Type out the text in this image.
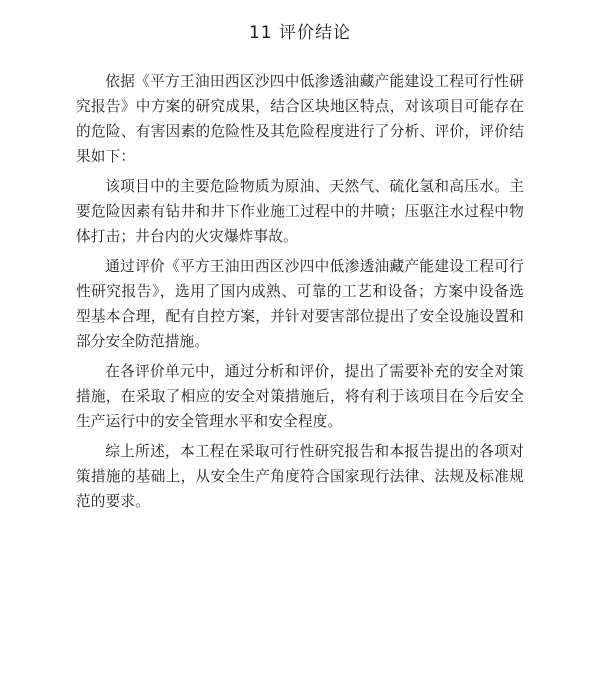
11 评价结论

依据《平方王油田西区沙四中低渗透油藏产能建设工程可行性研究报告》中方案的研究成果，结合区块地区特点，对该项目可能存在的危险、有害因素的危险性及其危险程度进行了分析、评价，评价结果如下：

该项目中的主要危险物质为原油、天然气、硫化氢和高压水。主要危险因素有钻井和井下作业施工过程中的井喷；压驱注水过程中物体打击；井台内的火灾爆炸事故。

通过评价《平方王油田西区沙四中低渗透油藏产能建设工程可行性研究报告》，选用了国内成熟、可靠的工艺和设备；方案中设备选型基本合理，配有自控方案，并针对要害部位提出了安全设施设置和部分安全防范措施。

在各评价单元中，通过分析和评价，提出了需要补充的安全对策措施，在采取了相应的安全对策措施后，将有利于该项目在今后安全生产运行中的安全管理水平和安全程度。

综上所述，本工程在采取可行性研究报告和本报告提出的各项对策措施的基础上，从安全生产角度符合国家现行法律、法规及标准规范的要求。
